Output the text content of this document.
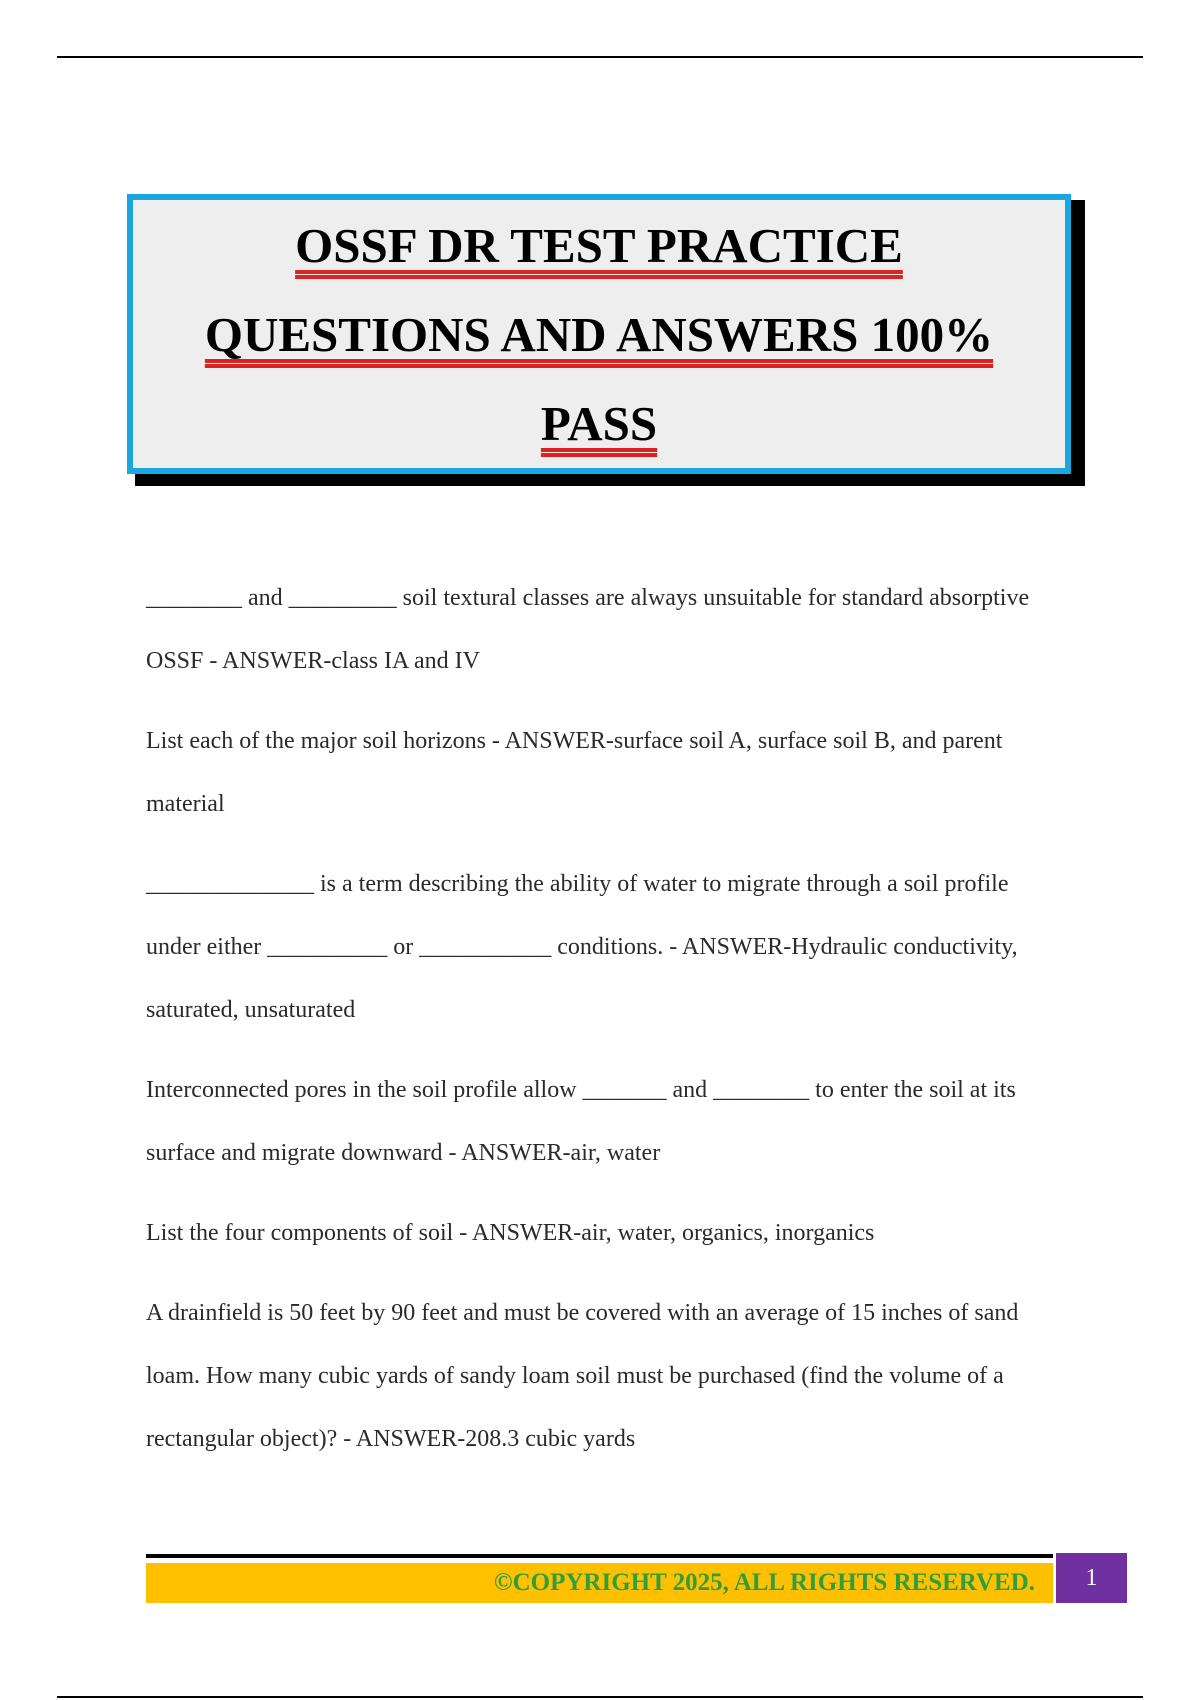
OSSF DR TEST PRACTICE
QUESTIONS AND ANSWERS 100%
PASS

________ and _________ soil textural classes are always unsuitable for standard absorptive OSSF - ANSWER-class IA and IV

List each of the major soil horizons - ANSWER-surface soil A, surface soil B, and parent material

______________ is a term describing the ability of water to migrate through a soil profile under either __________ or ___________ conditions. - ANSWER-Hydraulic conductivity, saturated, unsaturated

Interconnected pores in the soil profile allow _______ and ________ to enter the soil at its surface and migrate downward - ANSWER-air, water

List the four components of soil - ANSWER-air, water, organics, inorganics

A drainfield is 50 feet by 90 feet and must be covered with an average of 15 inches of sand loam. How many cubic yards of sandy loam soil must be purchased (find the volume of a rectangular object)? - ANSWER-208.3 cubic yards

©COPYRIGHT 2025, ALL RIGHTS RESERVED. 1
